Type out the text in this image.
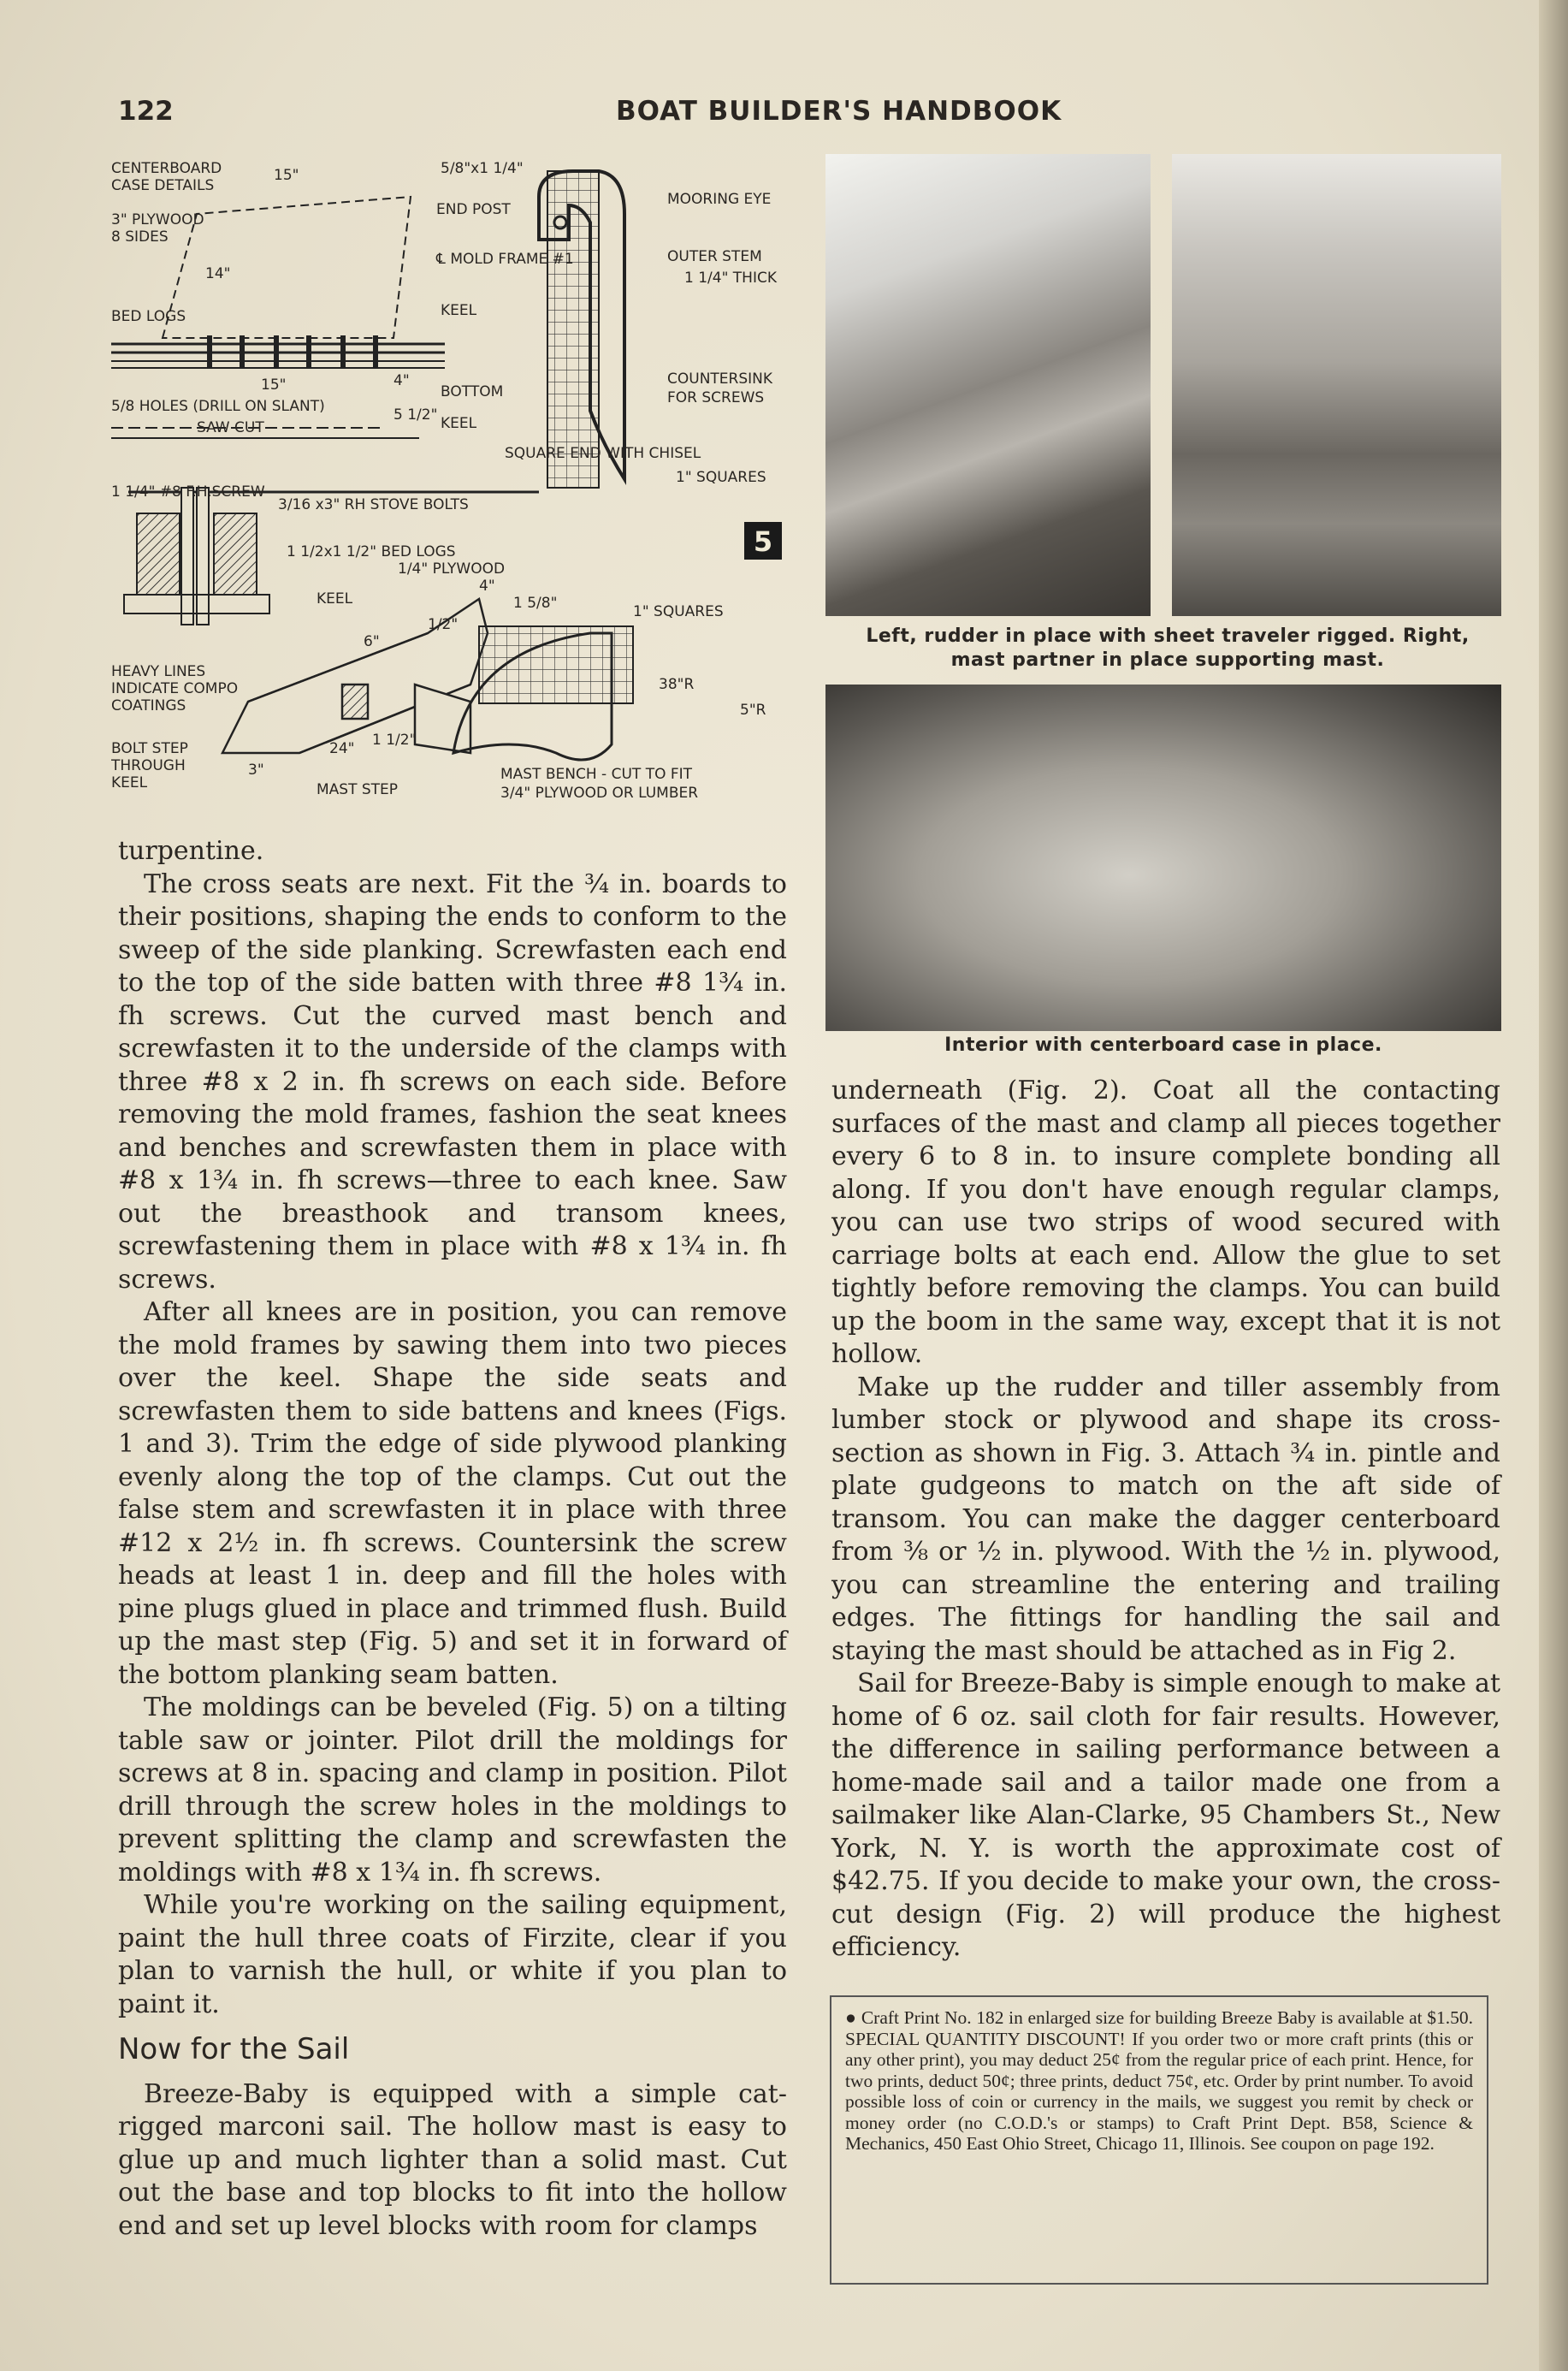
122	BOAT BUILDER'S HANDBOOK
5
CENTERBOARD
CASE DETAILS
3" PLYWOOD
8 SIDES
15"
14"
5/8"x1 1/4"
END POST
℄ MOLD FRAME #1
KEEL
BED LOGS
15"	4"
5/8 HOLES (DRILL ON SLANT)
SAW CUT
5 1/2"
BOTTOM
KEEL
SQUARE END WITH CHISEL
1 1/4" #8 F.H.SCREW
3/16 x3" RH STOVE BOLTS
1 1/2x1 1/2" BED LOGS
1/4" PLYWOOD
KEEL
4"
1 5/8"
6"
1/2"
24" 1 1/2"
3"
HEAVY LINES
INDICATE COMPO
COATINGS
BOLT STEP
THROUGH
KEEL	MAST STEP
MOORING EYE
OUTER STEM
1 1/4" THICK
COUNTERSINK
FOR SCREWS
1" SQUARES
1" SQUARES
38"R
5"R
MAST BENCH - CUT TO FIT
3/4" PLYWOOD OR LUMBER
Left, rudder in place with sheet traveler rigged. Right, mast partner in place supporting mast.
Interior with centerboard case in place.

turpentine.

The cross seats are next. Fit the ¾ in. boards to their positions, shaping the ends to conform to the sweep of the side planking. Screwfasten each end to the top of the side batten with three #8 1¾ in. fh screws. Cut the curved mast bench and screwfasten it to the underside of the clamps with three #8 x 2 in. fh screws on each side. Before removing the mold frames, fashion the seat knees and benches and screwfasten them in place with #8 x 1¾ in. fh screws—three to each knee. Saw out the breasthook and transom knees, screwfastening them in place with #8 x 1¾ in. fh screws.

After all knees are in position, you can remove the mold frames by sawing them into two pieces over the keel. Shape the side seats and screwfasten them to side battens and knees (Figs. 1 and 3). Trim the edge of side plywood planking evenly along the top of the clamps. Cut out the false stem and screwfasten it in place with three #12 x 2½ in. fh screws. Countersink the screw heads at least 1 in. deep and fill the holes with pine plugs glued in place and trimmed flush. Build up the mast step (Fig. 5) and set it in forward of the bottom planking seam batten.

The moldings can be beveled (Fig. 5) on a tilting table saw or jointer. Pilot drill the moldings for screws at 8 in. spacing and clamp in position. Pilot drill through the screw holes in the moldings to prevent splitting the clamp and screwfasten the moldings with #8 x 1¾ in. fh screws.

While you're working on the sailing equipment, paint the hull three coats of Firzite, clear if you plan to varnish the hull, or white if you plan to paint it.

Now for the Sail

Breeze-Baby is equipped with a simple cat-rigged marconi sail. The hollow mast is easy to glue up and much lighter than a solid mast. Cut out the base and top blocks to fit into the hollow end and set up level blocks with room for clamps

underneath (Fig. 2). Coat all the contacting surfaces of the mast and clamp all pieces together every 6 to 8 in. to insure complete bonding all along. If you don't have enough regular clamps, you can use two strips of wood secured with carriage bolts at each end. Allow the glue to set tightly before removing the clamps. You can build up the boom in the same way, except that it is not hollow.

Make up the rudder and tiller assembly from lumber stock or plywood and shape its cross-section as shown in Fig. 3. Attach ¾ in. pintle and plate gudgeons to match on the aft side of transom. You can make the dagger centerboard from ⅜ or ½ in. plywood. With the ½ in. plywood, you can streamline the entering and trailing edges. The fittings for handling the sail and staying the mast should be attached as in Fig 2.

Sail for Breeze-Baby is simple enough to make at home of 6 oz. sail cloth for fair results. However, the difference in sailing performance between a home-made sail and a tailor made one from a sailmaker like Alan-Clarke, 95 Chambers St., New York, N. Y. is worth the approximate cost of $42.75. If you decide to make your own, the cross-cut design (Fig. 2) will produce the highest efficiency.

● Craft Print No. 182 in enlarged size for building Breeze Baby is available at $1.50. SPECIAL QUANTITY DISCOUNT! If you order two or more craft prints (this or any other print), you may deduct 25¢ from the regular price of each print. Hence, for two prints, deduct 50¢; three prints, deduct 75¢, etc. Order by print number. To avoid possible loss of coin or currency in the mails, we suggest you remit by check or money order (no C.O.D.'s or stamps) to Craft Print Dept. B58, Science & Mechanics, 450 East Ohio Street, Chicago 11, Illinois. See coupon on page 192.
